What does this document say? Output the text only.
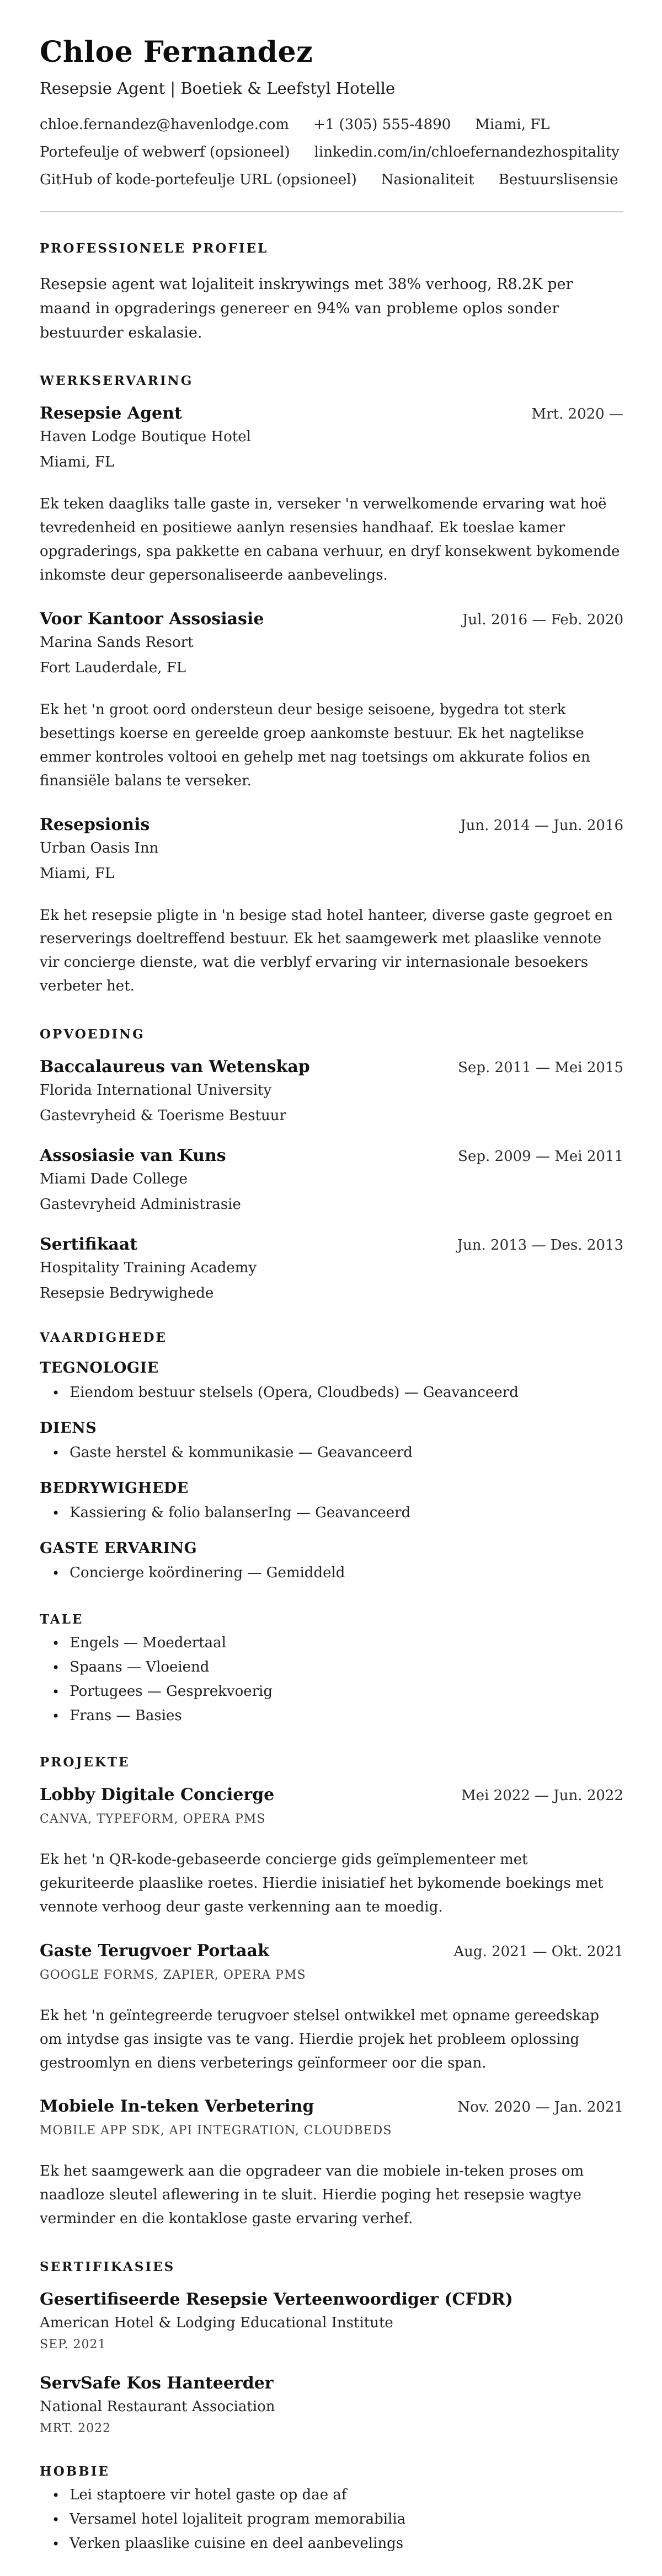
Chloe Fernandez
Resepsie Agent | Boetiek & Leefstyl Hotelle
chloe.fernandez@havenlodge.com +1 (305) 555-4890 Miami, FL
Portefeulje of webwerf (opsioneel) linkedin.com/in/chloefernandezhospitality
GitHub of kode-portefeulje URL (opsioneel) Nasionaliteit Bestuurslisensie
PROFESSIONELE PROFIEL

Resepsie agent wat lojaliteit inskrywings met 38% verhoog, R8.2K per maand in opgraderings genereer en 94% van probleme oplos sonder bestuurder eskalasie.

WERKSERVARING
Resepsie Agent	Mrt. 2020 —
Haven Lodge Boutique Hotel
Miami, FL

Ek teken daagliks talle gaste in, verseker 'n verwelkomende ervaring wat hoë tevredenheid en positiewe aanlyn resensies handhaaf. Ek toeslae kamer opgraderings, spa pakkette en cabana verhuur, en dryf konsekwent bykomende inkomste deur gepersonaliseerde aanbevelings.

Voor Kantoor Assosiasie	Jul. 2016 — Feb. 2020
Marina Sands Resort
Fort Lauderdale, FL

Ek het 'n groot oord ondersteun deur besige seisoene, bygedra tot sterk besettings koerse en gereelde groep aankomste bestuur. Ek het nagtelikse emmer kontroles voltooi en gehelp met nag toetsings om akkurate folios en finansiële balans te verseker.

Resepsionis	Jun. 2014 — Jun. 2016
Urban Oasis Inn
Miami, FL

Ek het resepsie pligte in 'n besige stad hotel hanteer, diverse gaste gegroet en reserverings doeltreffend bestuur. Ek het saamgewerk met plaaslike vennote vir concierge dienste, wat die verblyf ervaring vir internasionale besoekers verbeter het.

OPVOEDING
Baccalaureus van Wetenskap	Sep. 2011 — Mei 2015
Florida International University
Gastevryheid & Toerisme Bestuur
Assosiasie van Kuns	Sep. 2009 — Mei 2011
Miami Dade College
Gastevryheid Administrasie
Sertifikaat	Jun. 2013 — Des. 2013
Hospitality Training Academy
Resepsie Bedrywighede
VAARDIGHEDE
TEGNOLOGIE
• Eiendom bestuur stelsels (Opera, Cloudbeds) — Geavanceerd
DIENS
• Gaste herstel & kommunikasie — Geavanceerd
BEDRYWIGHEDE
• Kassiering & folio balanserIng — Geavanceerd
GASTE ERVARING
• Concierge koördinering — Gemiddeld
TALE
• Engels — Moedertaal
• Spaans — Vloeiend
• Portugees — Gesprekvoerig
• Frans — Basies
PROJEKTE
Lobby Digitale Concierge	Mei 2022 — Jun. 2022
CANVA, TYPEFORM, OPERA PMS

Ek het 'n QR-kode-gebaseerde concierge gids geïmplementeer met gekuriteerde plaaslike roetes. Hierdie inisiatief het bykomende boekings met vennote verhoog deur gaste verkenning aan te moedig.

Gaste Terugvoer Portaak	Aug. 2021 — Okt. 2021
GOOGLE FORMS, ZAPIER, OPERA PMS

Ek het 'n geïntegreerde terugvoer stelsel ontwikkel met opname gereedskap om intydse gas insigte vas te vang. Hierdie projek het probleem oplossing gestroomlyn en diens verbeterings geïnformeer oor die span.

Mobiele In-teken Verbetering	Nov. 2020 — Jan. 2021
MOBILE APP SDK, API INTEGRATION, CLOUDBEDS

Ek het saamgewerk aan die opgradeer van die mobiele in-teken proses om naadloze sleutel aflewering in te sluit. Hierdie poging het resepsie wagtye verminder en die kontaklose gaste ervaring verhef.

SERTIFIKASIES
Gesertifiseerde Resepsie Verteenwoordiger (CFDR)
American Hotel & Lodging Educational Institute
SEP. 2021
ServSafe Kos Hanteerder
National Restaurant Association
MRT. 2022
HOBBIE
• Lei staptoere vir hotel gaste op dae af
• Versamel hotel lojaliteit program memorabilia
• Verken plaaslike cuisine en deel aanbevelings
